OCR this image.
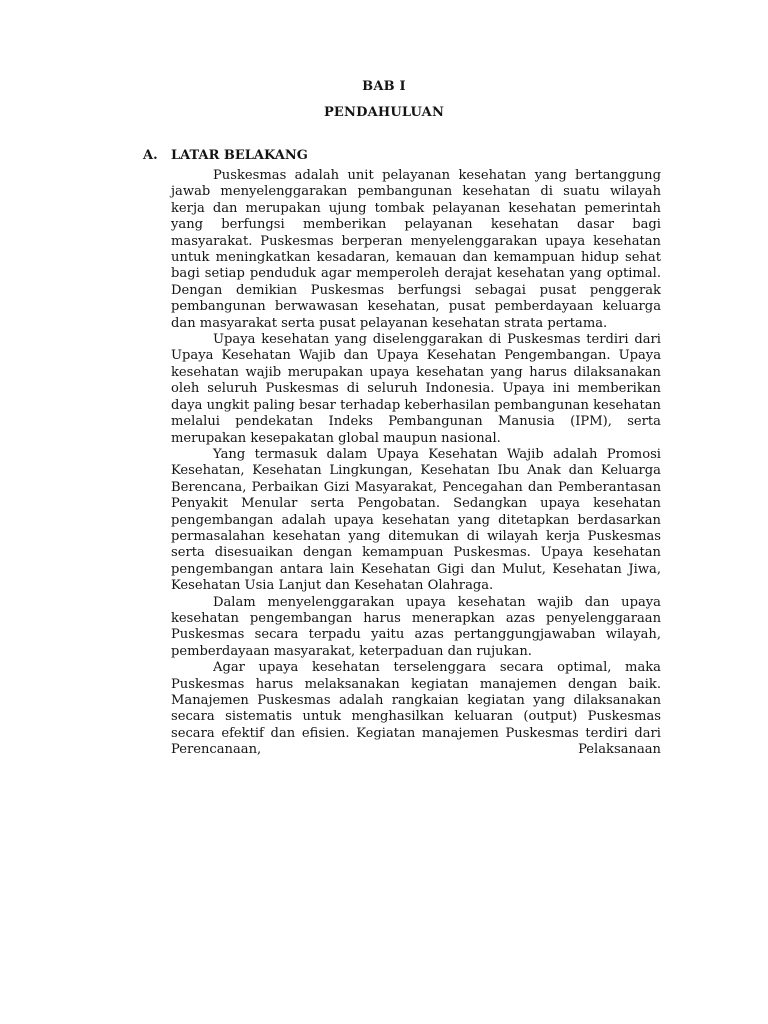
BAB I
PENDAHULUAN
A. LATAR BELAKANG

Puskesmas adalah unit pelayanan kesehatan yang bertanggung jawab menyelenggarakan pembangunan kesehatan di suatu wilayah kerja dan merupakan ujung tombak pelayanan kesehatan pemerintah yang berfungsi memberikan pelayanan kesehatan dasar bagi masyarakat. Puskesmas berperan menyelenggarakan upaya kesehatan untuk meningkatkan kesadaran, kemauan dan kemampuan hidup sehat bagi setiap penduduk agar memperoleh derajat kesehatan yang optimal. Dengan demikian Puskesmas berfungsi sebagai pusat penggerak pembangunan berwawasan kesehatan, pusat pemberdayaan keluarga dan masyarakat serta pusat pelayanan kesehatan strata pertama.

Upaya kesehatan yang diselenggarakan di Puskesmas terdiri dari Upaya Kesehatan Wajib dan Upaya Kesehatan Pengembangan. Upaya kesehatan wajib merupakan upaya kesehatan yang harus dilaksanakan oleh seluruh Puskesmas di seluruh Indonesia. Upaya ini memberikan daya ungkit paling besar terhadap keberhasilan pembangunan kesehatan melalui pendekatan Indeks Pembangunan Manusia (IPM), serta merupakan kesepakatan global maupun nasional.

Yang termasuk dalam Upaya Kesehatan Wajib adalah Promosi Kesehatan, Kesehatan Lingkungan, Kesehatan Ibu Anak dan Keluarga Berencana, Perbaikan Gizi Masyarakat, Pencegahan dan Pemberantasan Penyakit Menular serta Pengobatan. Sedangkan upaya kesehatan pengembangan adalah upaya kesehatan yang ditetapkan berdasarkan permasalahan kesehatan yang ditemukan di wilayah kerja Puskesmas serta disesuaikan dengan kemampuan Puskesmas. Upaya kesehatan pengembangan antara lain Kesehatan Gigi dan Mulut, Kesehatan Jiwa, Kesehatan Usia Lanjut dan Kesehatan Olahraga.

Dalam menyelenggarakan upaya kesehatan wajib dan upaya kesehatan pengembangan harus menerapkan azas penyelenggaraan Puskesmas secara terpadu yaitu azas pertanggungjawaban wilayah, pemberdayaan masyarakat, keterpaduan dan rujukan.

Agar upaya kesehatan terselenggara secara optimal, maka Puskesmas harus melaksanakan kegiatan manajemen dengan baik. Manajemen Puskesmas adalah rangkaian kegiatan yang dilaksanakan secara sistematis untuk menghasilkan keluaran (output) Puskesmas secara efektif dan efisien. Kegiatan manajemen Puskesmas terdiri dari Perencanaan, Pelaksanaan
